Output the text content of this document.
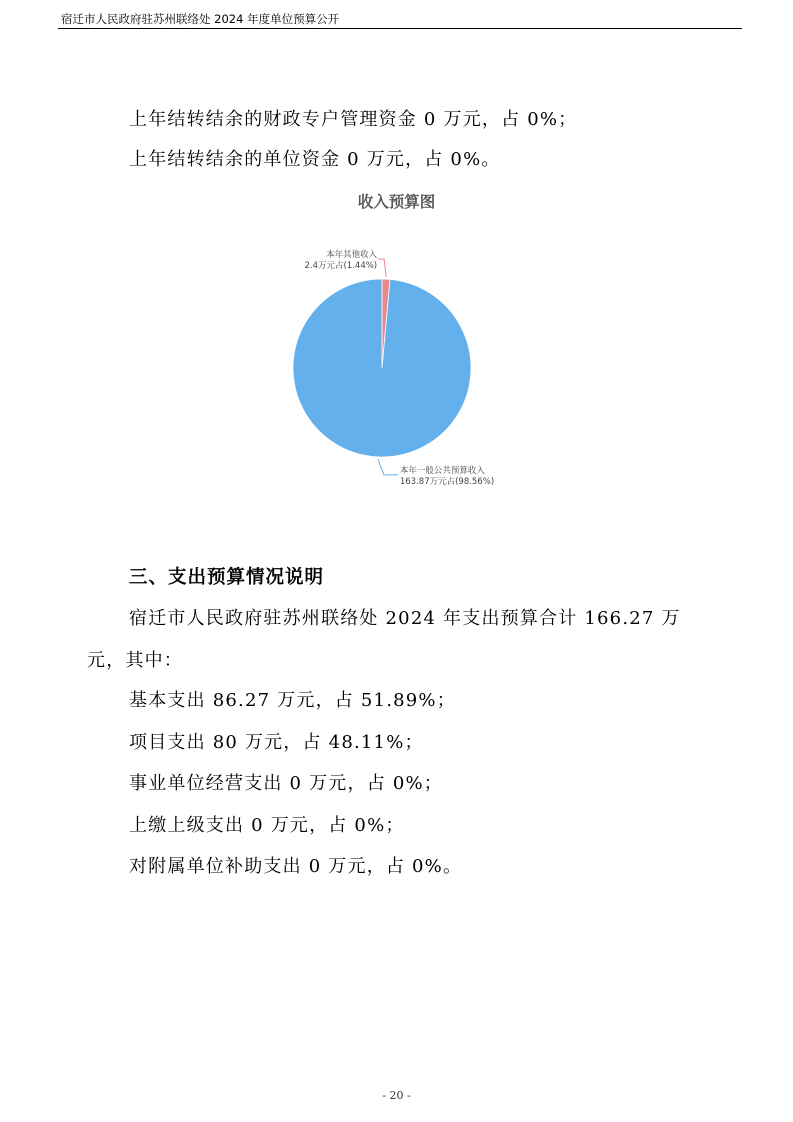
宿迁市人民政府驻苏州联络处 2024 年度单位预算公开

上年结转结余的财政专户管理资金 0 万元，占 0%；

上年结转结余的单位资金 0 万元，占 0%。

收入预算图
本年其他收入
2.4万元占(1.44%)
本年一般公共预算收入
163.87万元占(98.56%)

三、支出预算情况说明

宿迁市人民政府驻苏州联络处 2024 年支出预算合计 166.27 万

元，其中：

基本支出 86.27 万元，占 51.89%；

项目支出 80 万元，占 48.11%；

事业单位经营支出 0 万元，占 0%；

上缴上级支出 0 万元，占 0%；

对附属单位补助支出 0 万元，占 0%。

- 20 -
